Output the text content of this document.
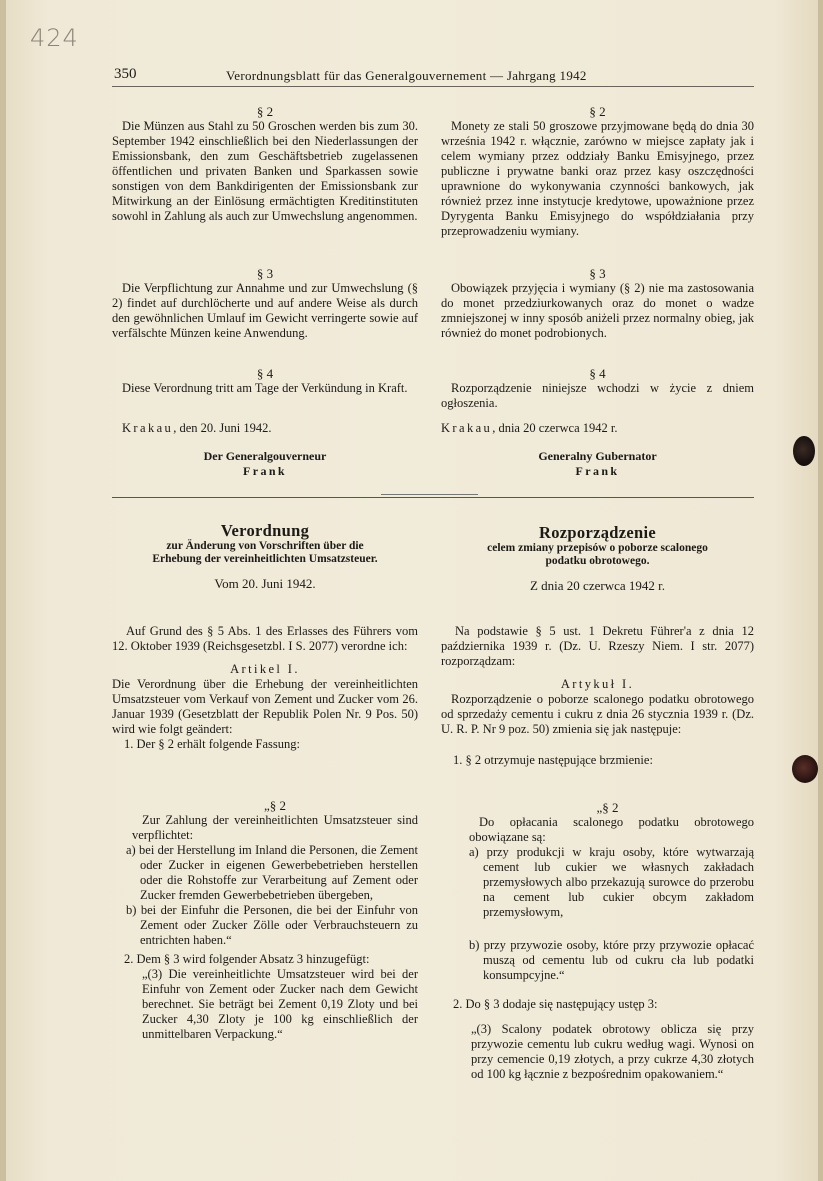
424
350	Verordnungsblatt für das Generalgouvernement — Jahrgang 1942
§ 2

Die Münzen aus Stahl zu 50 Groschen werden bis zum 30. September 1942 einschließlich bei den Niederlassungen der Emissionsbank, den zum Geschäftsbetrieb zugelassenen öffentlichen und privaten Banken und Sparkassen sowie sonstigen von dem Bankdirigenten der Emissionsbank zur Mitwirkung an der Einlösung ermächtigten Kreditinstituten sowohl in Zahlung als auch zur Umwechslung angenommen.

§ 3

Die Verpflichtung zur Annahme und zur Umwechslung (§ 2) findet auf durchlöcherte und auf andere Weise als durch den gewöhnlichen Umlauf im Gewicht verringerte sowie auf verfälschte Münzen keine Anwendung.

§ 4

Diese Verordnung tritt am Tage der Verkündung in Kraft.

Krakau, den 20. Juni 1942.

Der Generalgouverneur
Frank
§ 2

Monety ze stali 50 groszowe przyjmowane będą do dnia 30 września 1942 r. włącznie, zarówno w miejsce zapłaty jak i celem wymiany przez oddziały Banku Emisyjnego, przez publiczne i prywatne banki oraz przez kasy oszczędności uprawnione do wykonywania czynności bankowych, jak również przez inne instytucje kredytowe, upoważnione przez Dyrygenta Banku Emisyjnego do współdziałania przy przeprowadzeniu wymiany.

§ 3

Obowiązek przyjęcia i wymiany (§ 2) nie ma zastosowania do monet przedziurkowanych oraz do monet o wadze zmniejszonej w inny sposób aniżeli przez normalny obieg, jak również do monet podrobionych.

§ 4

Rozporządzenie niniejsze wchodzi w życie z dniem ogłoszenia.

Krakau, dnia 20 czerwca 1942 r.

Generalny Gubernator
Frank
Verordnung
zur Änderung von Vorschriften über die Erhebung der vereinheitlichten Umsatzsteuer.
Vom 20. Juni 1942.

Auf Grund des § 5 Abs. 1 des Erlasses des Führers vom 12. Oktober 1939 (Reichsgesetzbl. I S. 2077) verordne ich:

Artikel I.

Die Verordnung über die Erhebung der vereinheitlichten Umsatzsteuer vom Verkauf von Zement und Zucker vom 26. Januar 1939 (Gesetzblatt der Republik Polen Nr. 9 Pos. 50) wird wie folgt geändert:

1. Der § 2 erhält folgende Fassung:

„§ 2

Zur Zahlung der vereinheitlichten Umsatzsteuer sind verpflichtet:

a) bei der Herstellung im Inland die Personen, die Zement oder Zucker in eigenen Gewerbebetrieben herstellen oder die Rohstoffe zur Verarbeitung auf Zement oder Zucker fremden Gewerbebetrieben übergeben,

b) bei der Einfuhr die Personen, die bei der Einfuhr von Zement oder Zucker Zölle oder Verbrauchsteuern zu entrichten haben.“

2. Dem § 3 wird folgender Absatz 3 hinzugefügt:

„(3) Die vereinheitlichte Umsatzsteuer wird bei der Einfuhr von Zement oder Zucker nach dem Gewicht berechnet. Sie beträgt bei Zement 0,19 Zloty und bei Zucker 4,30 Zloty je 100 kg einschließlich der unmittelbaren Verpackung.“

Rozporządzenie
celem zmiany przepisów o poborze scalonego podatku obrotowego.
Z dnia 20 czerwca 1942 r.

Na podstawie § 5 ust. 1 Dekretu Führer'a z dnia 12 października 1939 r. (Dz. U. Rzeszy Niem. I str. 2077) rozporządzam:

Artykuł I.

Rozporządzenie o poborze scalonego podatku obrotowego od sprzedaży cementu i cukru z dnia 26 stycznia 1939 r. (Dz. U. R. P. Nr 9 poz. 50) zmienia się jak następuje:

1. § 2 otrzymuje następujące brzmienie:

„§ 2

Do opłacania scalonego podatku obrotowego obowiązane są:

a) przy produkcji w kraju osoby, które wytwarzają cement lub cukier we własnych zakładach przemysłowych albo przekazują surowce do przerobu na cement lub cukier obcym zakładom przemysłowym,

b) przy przywozie osoby, które przy przywozie opłacać muszą od cementu lub od cukru cła lub podatki konsumpcyjne.“

2. Do § 3 dodaje się następujący ustęp 3:

„(3) Scalony podatek obrotowy oblicza się przy przywozie cementu lub cukru według wagi. Wynosi on przy cemencie 0,19 złotych, a przy cukrze 4,30 złotych od 100 kg łącznie z bezpośrednim opakowaniem.“
